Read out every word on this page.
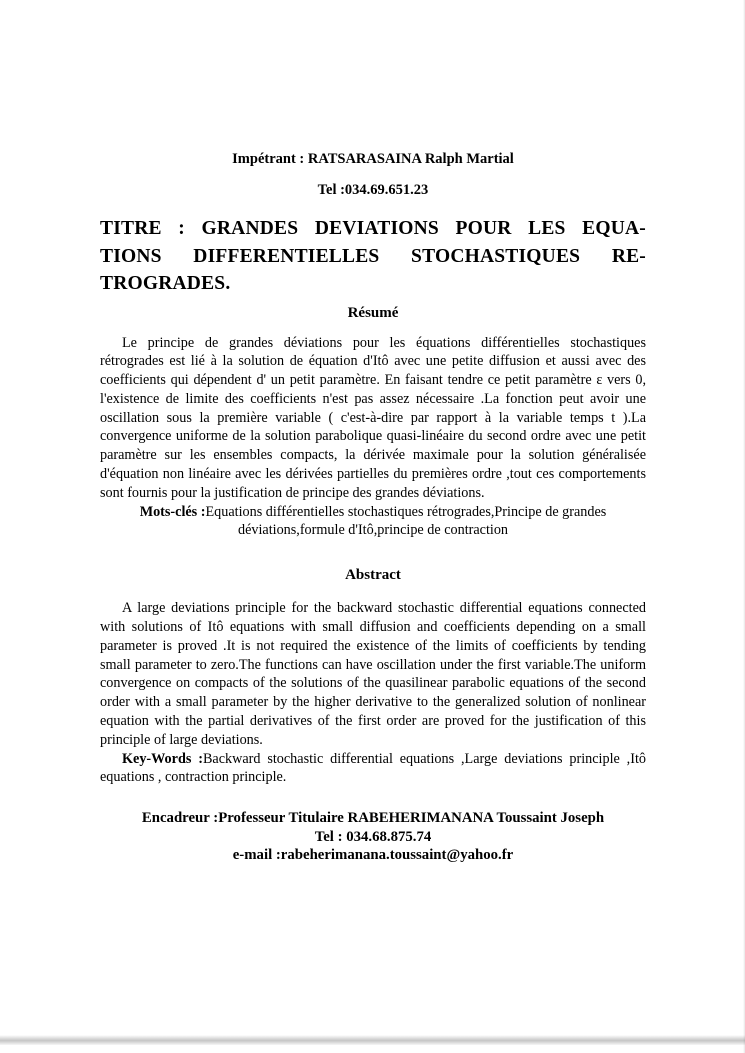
Impétrant : RATSARASAINA Ralph Martial
Tel :034.69.651.23
TITRE : GRANDES DEVIATIONS POUR LES EQUA-
TIONS DIFFERENTIELLES STOCHASTIQUES RE-
TROGRADES.
Résumé

Le principe de grandes déviations pour les équations différentielles stochastiques rétrogrades est lié à la solution de équation d'Itô avec une petite diffusion et aussi avec des coefficients qui dépendent d' un petit paramètre. En faisant tendre ce petit paramètre ε vers 0, l'existence de limite des coefficients n'est pas assez nécessaire .La fonction peut avoir une oscillation sous la première variable ( c'est-à-dire par rapport à la variable temps t ).La convergence uniforme de la solution parabolique quasi-linéaire du second ordre avec une petit paramètre sur les ensembles compacts, la dérivée maximale pour la solution généralisée d'équation non linéaire avec les dérivées partielles du premières ordre ,tout ces comportements sont fournis pour la justification de principe des grandes déviations.

Mots-clés :Equations différentielles stochastiques rétrogrades,Principe de grandes déviations,formule d'Itô,principe de contraction
Abstract

A large deviations principle for the backward stochastic differential equations connected with solutions of Itô equations with small diffusion and coefficients depending on a small parameter is proved .It is not required the existence of the limits of coefficients by tending small parameter to zero.The functions can have oscillation under the first variable.The uniform convergence on compacts of the solutions of the quasilinear parabolic equations of the second order with a small parameter by the higher derivative to the generalized solution of nonlinear equation with the partial derivatives of the first order are proved for the justification of this principle of large deviations.

Key-Words :Backward stochastic differential equations ,Large deviations principle ,Itô equations , contraction principle.

Encadreur :Professeur Titulaire RABEHERIMANANA Toussaint Joseph
Tel : 034.68.875.74
e-mail :rabeherimanana.toussaint@yahoo.fr
